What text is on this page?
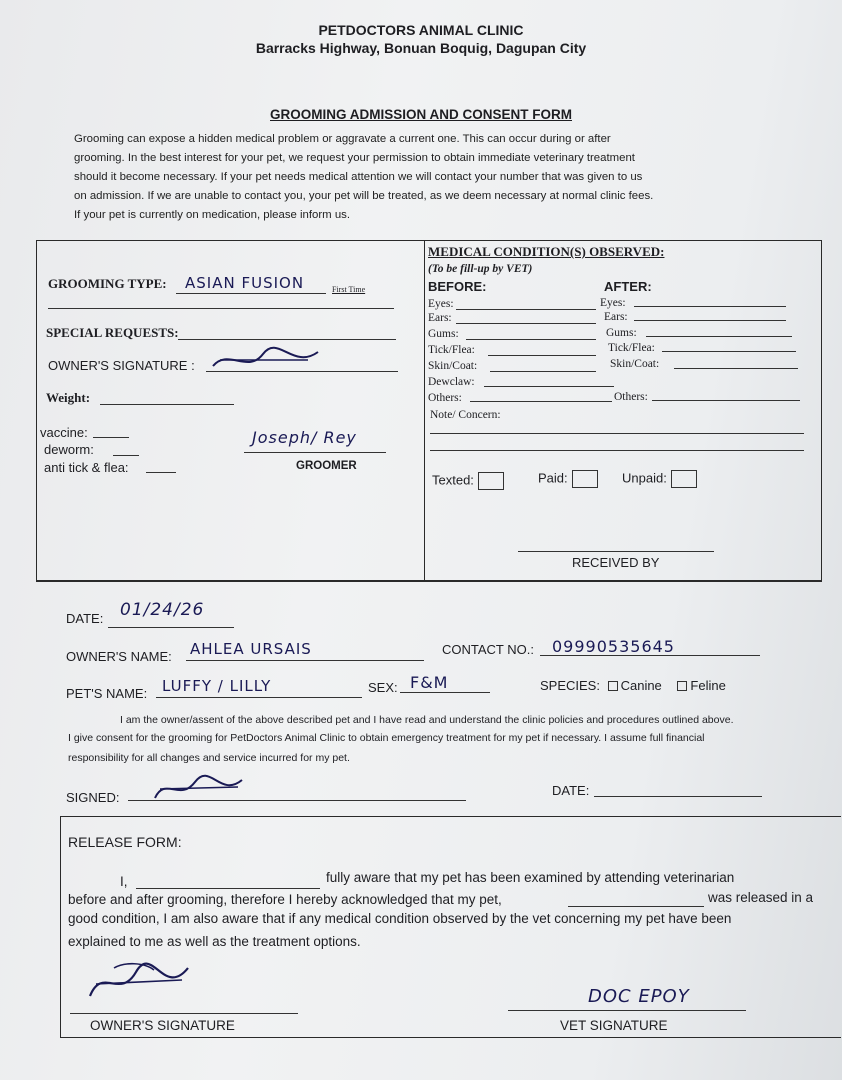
PETDOCTORS ANIMAL CLINIC
Barracks Highway, Bonuan Boquig, Dagupan City
GROOMING ADMISSION AND CONSENT FORM
Grooming can expose a hidden medical problem or aggravate a current one. This can occur during or after
grooming. In the best interest for your pet, we request your permission to obtain immediate veterinary treatment
should it become necessary. If your pet needs medical attention we will contact your number that was given to us
on admission. If we are unable to contact you, your pet will be treated, as we deem necessary at normal clinic fees.
If your pet is currently on medication, please inform us.
GROOMING TYPE: ASIAN FUSION	First Time
SPECIAL REQUESTS:
OWNER'S SIGNATURE :
Weight:
vaccine:
deworm:
anti tick & flea:
Joseph/ Rey
GROOMER
MEDICAL CONDITION(S) OBSERVED:
(To be fill-up by VET)
BEFORE:	AFTER:
Eyes:	Eyes:
Ears:	Ears:
Gums:	Gums:
Tick/Flea:	Tick/Flea:
Skin/Coat:	Skin/Coat:
Dewclaw:
Others:	Others:
Note/ Concern:
Texted:	Paid:	Unpaid:
RECEIVED BY
DATE: 01/24/26
OWNER'S NAME: AHLEA URSAIS	CONTACT NO.: 09990535645
PET'S NAME: LUFFY / LILLY	SEX: F&M	SPECIES: Canine Feline
I am the owner/assent of the above described pet and I have read and understand the clinic policies and procedures outlined above.
I give consent for the grooming for PetDoctors Animal Clinic to obtain emergency treatment for my pet if necessary. I assume full financial
responsibility for all changes and service incurred for my pet.
SIGNED:	DATE:
RELEASE FORM:
I,	fully aware that my pet has been examined by attending veterinarian
before and after grooming, therefore I hereby acknowledged that my pet,	was released in a
good condition, I am also aware that if any medical condition observed by the vet concerning my pet have been
explained to me as well as the treatment options.
OWNER'S SIGNATURE
DOC EPOY
VET SIGNATURE
